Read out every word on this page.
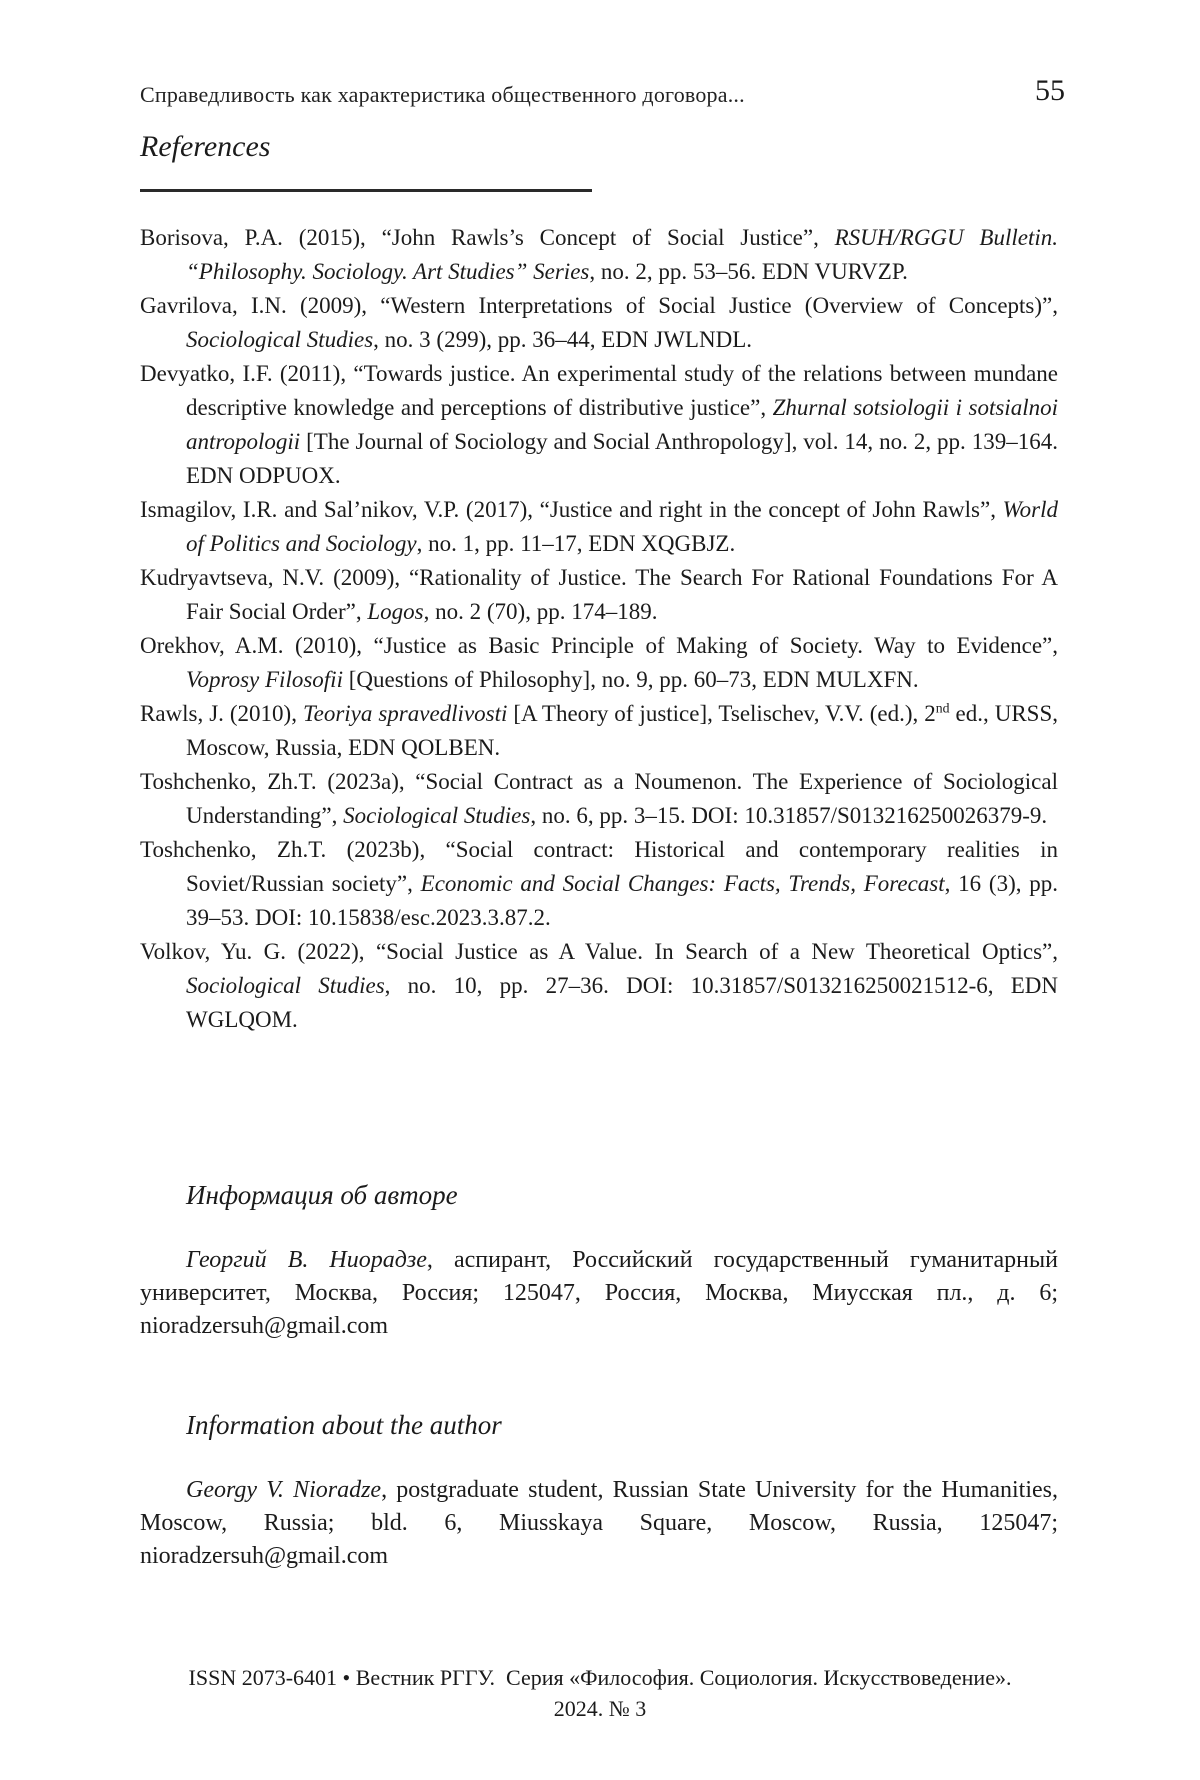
Справедливость как характеристика общественного договора...	55
References
Borisova, P.A. (2015), “John Rawls’s Concept of Social Justice”, RSUH/RGGU Bulletin. “Philosophy. Sociology. Art Studies” Series, no. 2, pp. 53–56. EDN VURVZP.
Gavrilova, I.N. (2009), “Western Interpretations of Social Justice (Overview of Concepts)”, Sociological Studies, no. 3 (299), pp. 36–44, EDN JWLNDL.
Devyatko, I.F. (2011), “Towards justice. An experimental study of the relations between mundane descriptive knowledge and perceptions of distributive justice”, Zhurnal sotsiologii i sotsialnoi antropologii [The Journal of Sociology and Social Anthropology], vol. 14, no. 2, pp. 139–164. EDN ODPUOX.
Ismagilov, I.R. and Sal’nikov, V.P. (2017), “Justice and right in the concept of John Rawls”, World of Politics and Sociology, no. 1, pp. 11–17, EDN XQGBJZ.
Kudryavtseva, N.V. (2009), “Rationality of Justice. The Search For Rational Foundations For A Fair Social Order”, Logos, no. 2 (70), pp. 174–189.
Orekhov, A.M. (2010), “Justice as Basic Principle of Making of Society. Way to Evidence”, Voprosy Filosofii [Questions of Philosophy], no. 9, pp. 60–73, EDN MULXFN.
Rawls, J. (2010), Teoriya spravedlivosti [A Theory of justice], Tselischev, V.V. (ed.), 2nd ed., URSS, Moscow, Russia, EDN QOLBEN.
Toshchenko, Zh.T. (2023a), “Social Contract as a Noumenon. The Experience of Sociological Understanding”, Sociological Studies, no. 6, pp. 3–15. DOI: 10.31857/S013216250026379-9.
Toshchenko, Zh.T. (2023b), “Social contract: Historical and contemporary realities in Soviet/Russian society”, Economic and Social Changes: Facts, Trends, Forecast, 16 (3), pp. 39–53. DOI: 10.15838/esc.2023.3.87.2.
Volkov, Yu. G. (2022), “Social Justice as A Value. In Search of a New Theoretical Optics”, Sociological Studies, no. 10, pp. 27–36. DOI: 10.31857/S013216250021512-6, EDN WGLQOM.
Информация об авторе

Георгий В. Ниорадзе, аспирант, Российский государственный гуманитарный университет, Москва, Россия; 125047, Россия, Москва, Миусская пл., д. 6; nioradzersuh@gmail.com

Information about the author

Georgy V. Nioradze, postgraduate student, Russian State University for the Humanities, Moscow, Russia; bld. 6, Miusskaya Square, Moscow, Russia, 125047; nioradzersuh@gmail.com

ISSN 2073-6401 • Вестник РГГУ.  Серия «Философия. Социология. Искусствоведение».
2024. № 3
